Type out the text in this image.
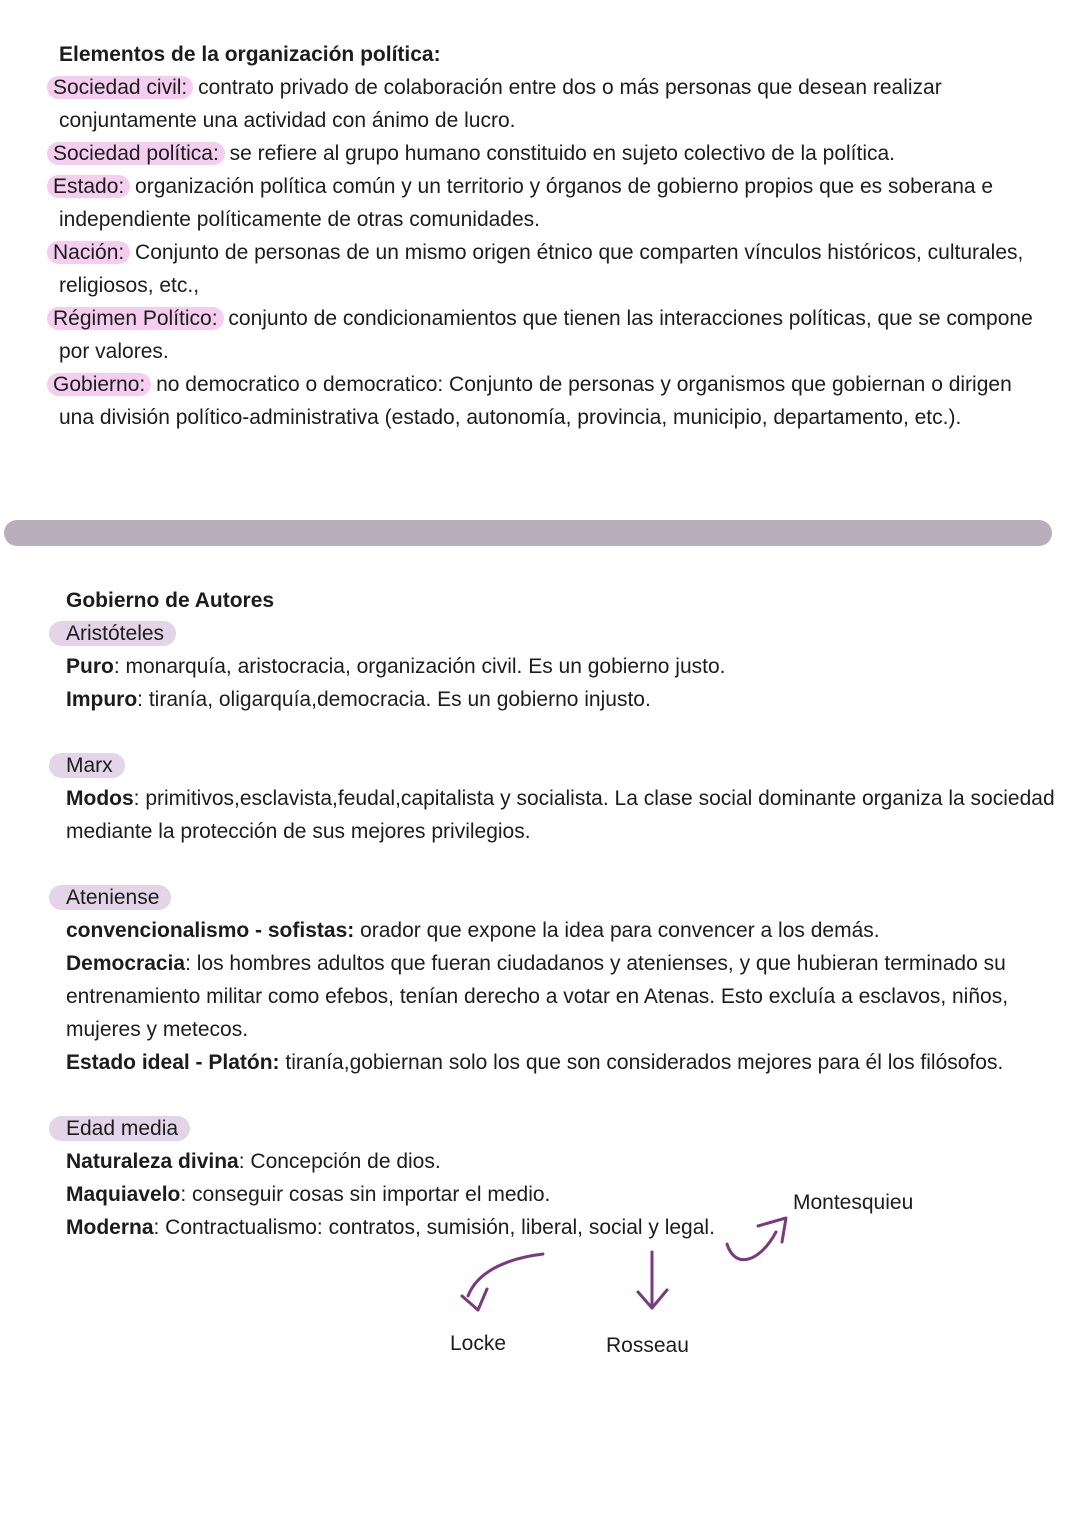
Elementos de la organización política:
Sociedad civil: contrato privado de colaboración entre dos o más personas que desean realizar conjuntamente una actividad con ánimo de lucro.
Sociedad política: se refiere al grupo humano constituido en sujeto colectivo de la política.
Estado: organización política común y un territorio y órganos de gobierno propios que es soberana e independiente políticamente de otras comunidades.
Nación: Conjunto de personas de un mismo origen étnico que comparten vínculos históricos, culturales, religiosos, etc.,
Régimen Político: conjunto de condicionamientos que tienen las interacciones políticas, que se compone por valores.
Gobierno: no democratico o democratico: Conjunto de personas y organismos que gobiernan o dirigen una división político-administrativa (estado, autonomía, provincia, municipio, departamento, etc.).
Gobierno de Autores
Aristóteles
Puro: monarquía, aristocracia, organización civil. Es un gobierno justo.
Impuro: tiranía, oligarquía,democracia. Es un gobierno injusto.
Marx
Modos: primitivos,esclavista,feudal,capitalista y socialista. La clase social dominante organiza la sociedad mediante la protección de sus mejores privilegios.
Ateniense
convencionalismo - sofistas: orador que expone la idea para convencer a los demás.
Democracia: los hombres adultos que fueran ciudadanos y atenienses, y que hubieran terminado su entrenamiento militar como efebos, tenían derecho a votar en Atenas. Esto excluía a esclavos, niños, mujeres y metecos.
Estado ideal - Platón: tiranía,gobiernan solo los que son considerados mejores para él los filósofos.
Edad media
Naturaleza divina: Concepción de dios.
Maquiavelo: conseguir cosas sin importar el medio.
Moderna: Contractualismo: contratos, sumisión, liberal, social y legal.
Montesquieu
Locke	Rosseau
